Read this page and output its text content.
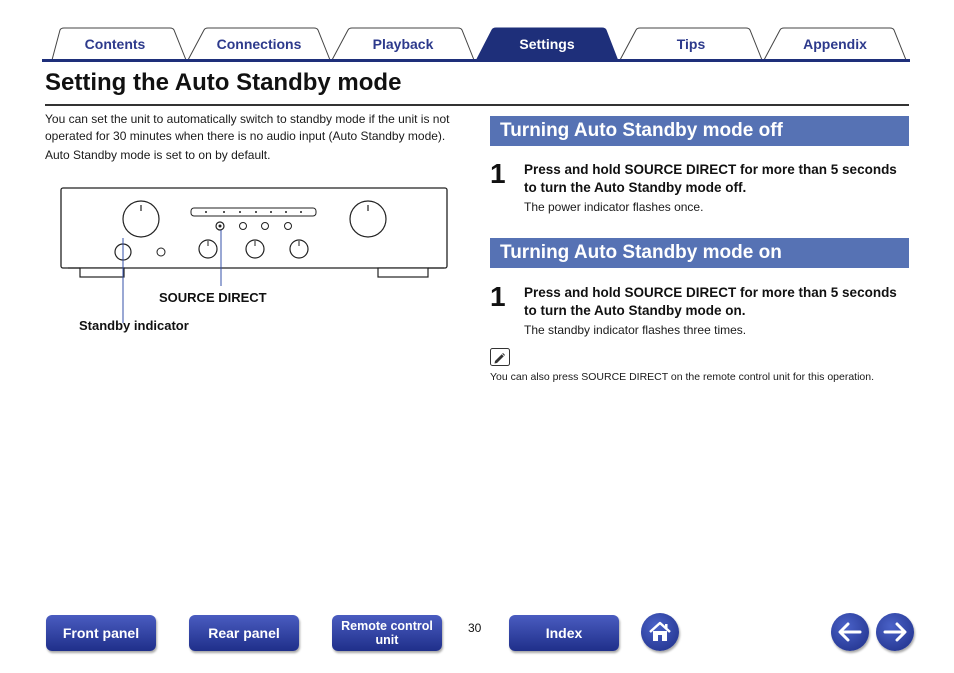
Contents	Connections	Playback	Settings	Tips	Appendix
Setting the Auto Standby mode

You can set the unit to automatically switch to standby mode if the unit is not operated for 30 minutes when there is no audio input (Auto Standby mode).

Auto Standby mode is set to on by default.

SOURCE DIRECT
Standby indicator
Turning Auto Standby mode off
1 Press and hold SOURCE DIRECT for more than 5 seconds to turn the Auto Standby mode off.
The power indicator flashes once.
Turning Auto Standby mode on
1 Press and hold SOURCE DIRECT for more than 5 seconds to turn the Auto Standby mode on.
The standby indicator flashes three times.
You can also press SOURCE DIRECT on the remote control unit for this operation.
Front panel	Rear panel	Remote control
unit
30	Index
